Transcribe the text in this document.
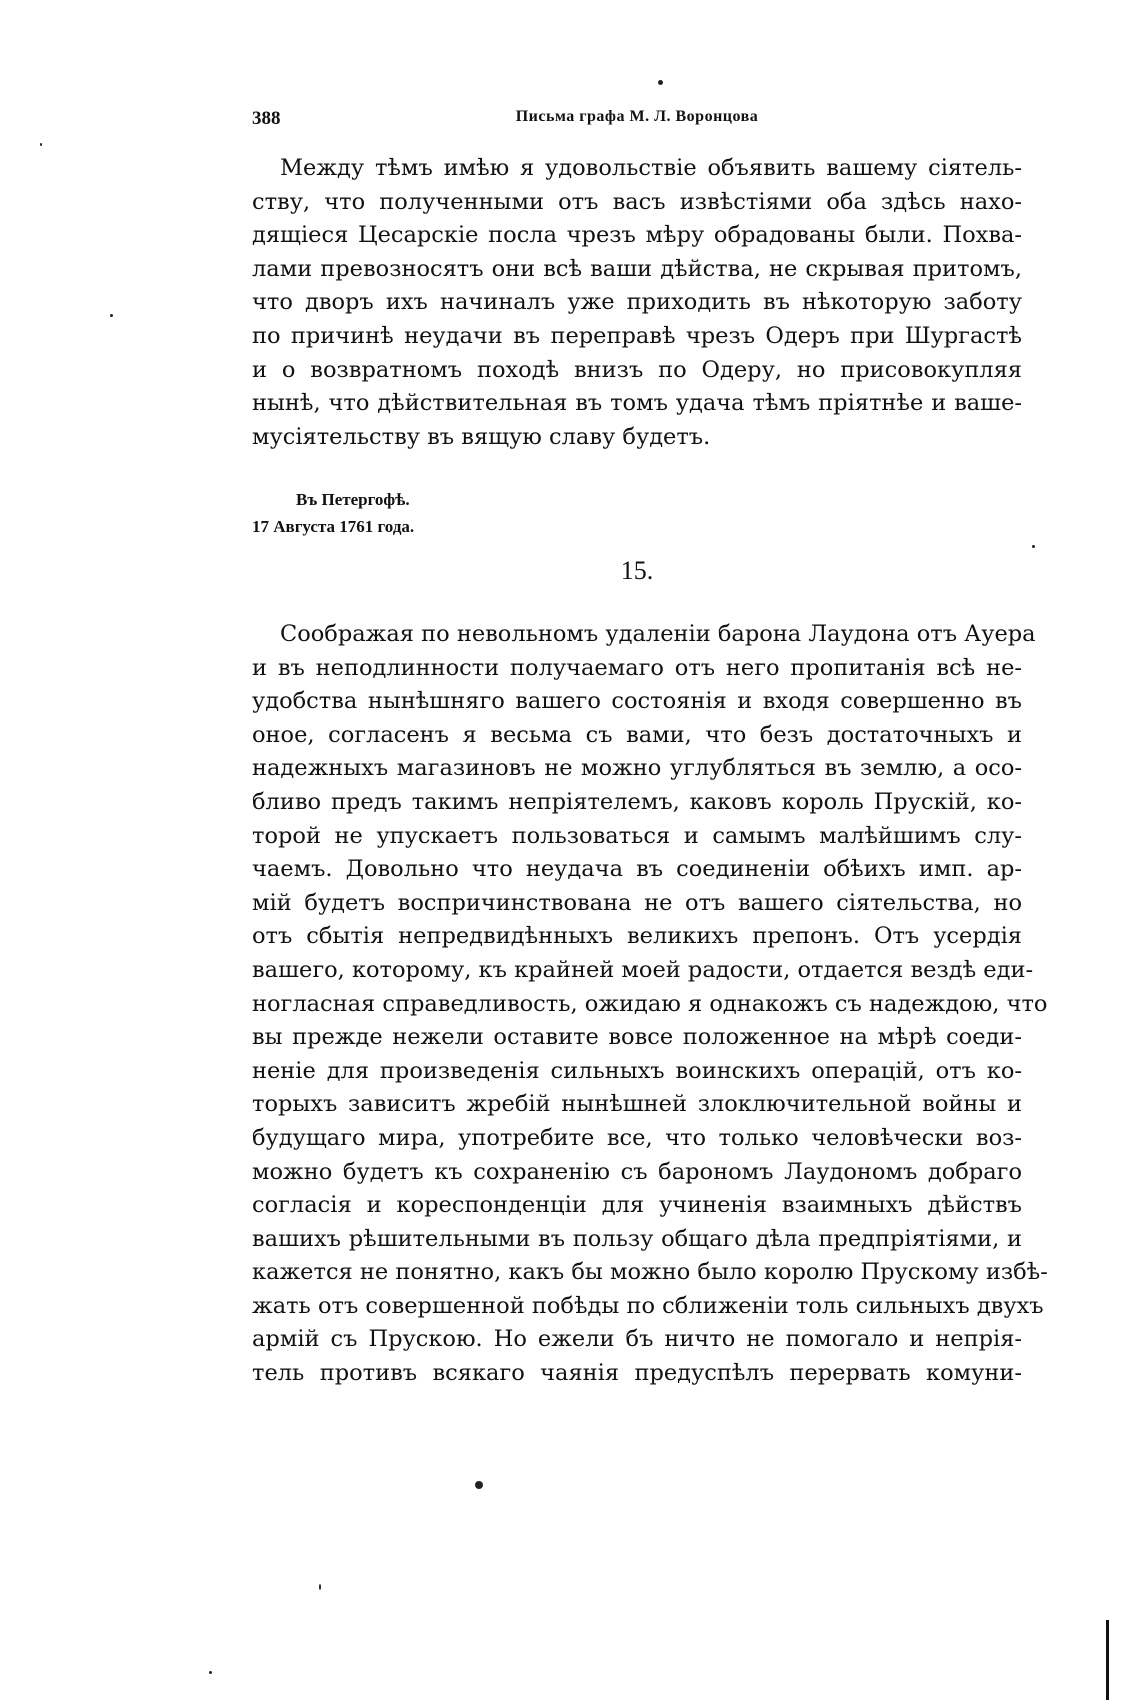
388	Письма графа М. Л. Воронцова
Между тѣмъ имѣю я удовольствіе объявить вашему сіятель-
ству, что полученными отъ васъ извѣстіями оба здѣсь нахо-
дящіеся Цесарскіе посла чрезъ мѣру обрадованы были. Похва-
лами превозносятъ они всѣ ваши дѣйства, не скрывая притомъ,
что дворъ ихъ начиналъ уже приходить въ нѣкоторую заботу
по причинѣ неудачи въ переправѣ чрезъ Одеръ при Шургастѣ
и о возвратномъ походѣ внизъ по Одеру, но присовокупляя
нынѣ, что дѣйствительная въ томъ удача тѣмъ пріятнѣе и ваше-
мусіятельству въ вящую славу будетъ.
Въ Петергофѣ.
17 Августа 1761 года.
15.
Соображая по невольномъ удаленіи барона Лаудона отъ Ауера
и въ неподлинности получаемаго отъ него пропитанія всѣ не-
удобства нынѣшняго вашего состоянія и входя совершенно въ
оное, согласенъ я весьма съ вами, что безъ достаточныхъ и
надежныхъ магазиновъ не можно углубляться въ землю, а осо-
бливо предъ такимъ непріятелемъ, каковъ король Прускій, ко-
торой не упускаетъ пользоваться и самымъ малѣйшимъ слу-
чаемъ. Довольно что неудача въ соединеніи обѣихъ имп. ар-
мій будетъ воспричинствована не отъ вашего сіятельства, но
отъ сбытія непредвидѣнныхъ великихъ препонъ. Отъ усердія
вашего, которому, къ крайней моей радости, отдается вездѣ еди-
ногласная справедливость, ожидаю я однакожъ съ надеждою, что
вы прежде нежели оставите вовсе положенное на мѣрѣ соеди-
неніе для произведенія сильныхъ воинскихъ операцій, отъ ко-
торыхъ зависитъ жребій нынѣшней злоключительной войны и
будущаго мира, употребите все, что только человѣчески воз-
можно будетъ къ сохраненію съ барономъ Лаудономъ добраго
согласія и кореспонденціи для учиненія взаимныхъ дѣйствъ
вашихъ рѣшительными въ пользу общаго дѣла предпріятіями, и
кажется не понятно, какъ бы можно было королю Прускому избѣ-
жать отъ совершенной побѣды по сближеніи толь сильныхъ двухъ
армій съ Прускою. Но ежели бъ ничто не помогало и непрія-
тель противъ всякаго чаянія предуспѣлъ перервать комуни-
